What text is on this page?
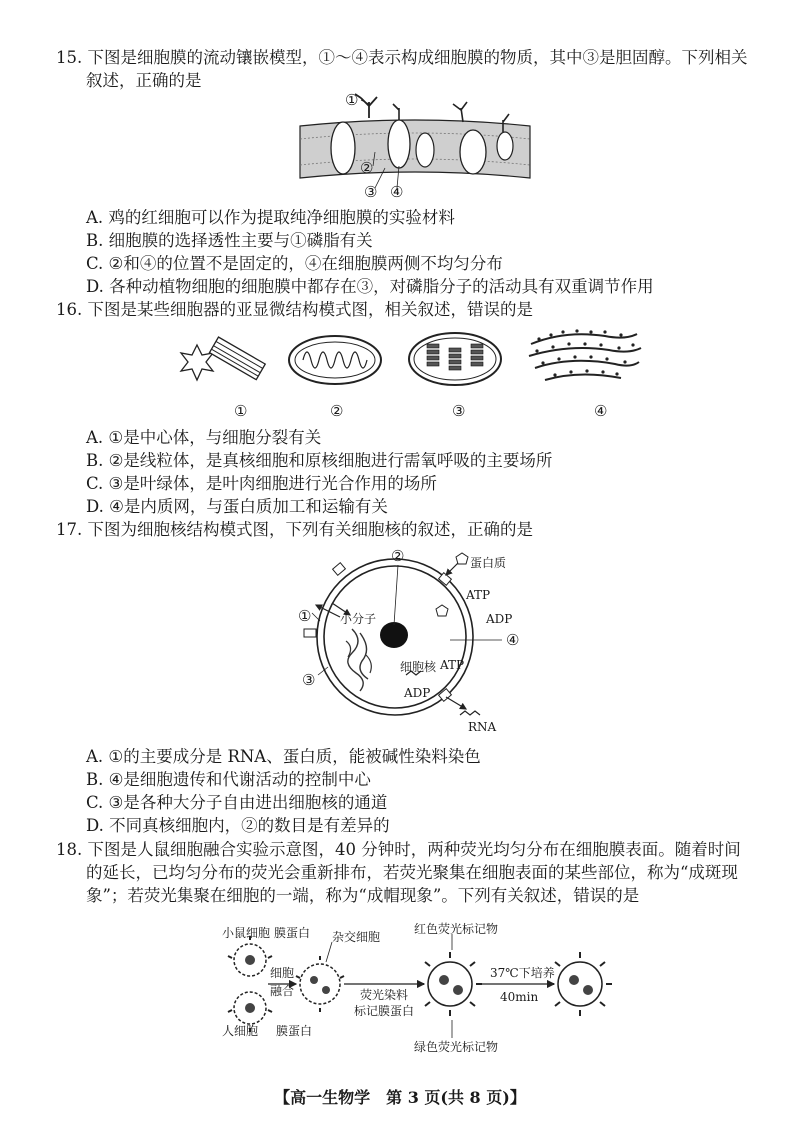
15. 下图是细胞膜的流动镶嵌模型，①～④表示构成细胞膜的物质，其中③是胆固醇。下列相关
叙述，正确的是
①
②
③ ④
A. 鸡的红细胞可以作为提取纯净细胞膜的实验材料
B. 细胞膜的选择透性主要与①磷脂有关
C. ②和④的位置不是固定的，④在细胞膜两侧不均匀分布
D. 各种动植物细胞的细胞膜中都存在③，对磷脂分子的活动具有双重调节作用
16. 下图是某些细胞器的亚显微结构模式图，相关叙述，错误的是
①	②	③	④
A. ①是中心体，与细胞分裂有关
B. ②是线粒体，是真核细胞和原核细胞进行需氧呼吸的主要场所
C. ③是叶绿体，是叶肉细胞进行光合作用的场所
D. ④是内质网，与蛋白质加工和运输有关
17. 下图为细胞核结构模式图，下列有关细胞核的叙述，正确的是
②	蛋白质
ATP
ADP
① 小分子
④
细胞核 ATP
③
ADP
RNA
A. ①的主要成分是 RNA、蛋白质，能被碱性染料染色
B. ④是细胞遗传和代谢活动的控制中心
C. ③是各种大分子自由进出细胞核的通道
D. 不同真核细胞内，②的数目是有差异的
18. 下图是人鼠细胞融合实验示意图，40 分钟时，两种荧光均匀分布在细胞膜表面。随着时间
的延长，已均匀分布的荧光会重新排布，若荧光聚集在细胞表面的某些部位，称为“成斑现
象”；若荧光集聚在细胞的一端，称为“成帽现象”。下列有关叙述，错误的是
小鼠细胞 膜蛋白 杂交细胞
红色荧光标记物
细胞
融合	荧光染料
标记膜蛋白
37℃下培养
40min
人细胞 膜蛋白
绿色荧光标记物
【高一生物学　第 3 页(共 8 页)】
